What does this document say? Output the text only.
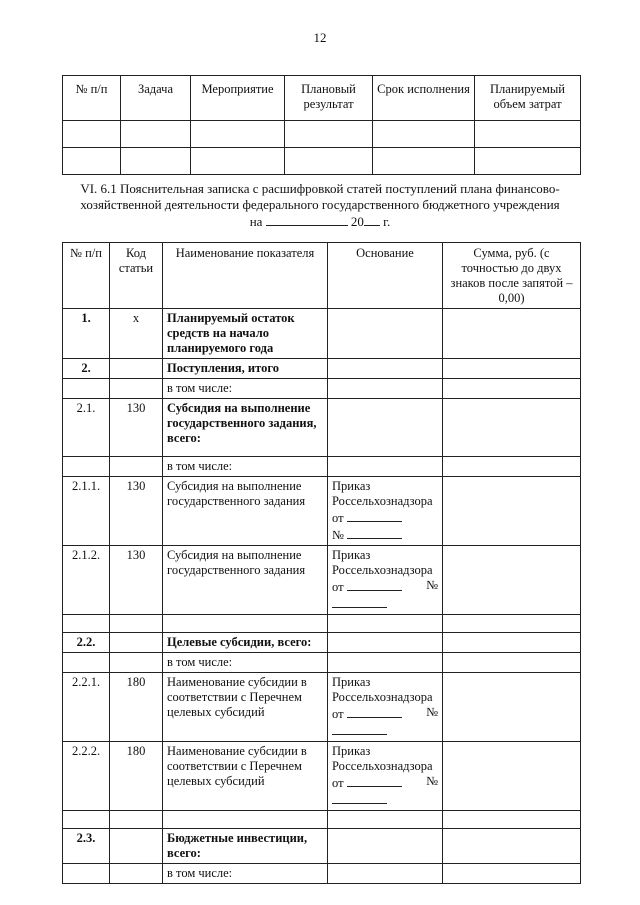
12
№ п/п	Задача	Мероприятие	Плановый результат	Срок исполнения	Планируемый объем затрат

VI. 6.1 Пояснительная записка с расшифровкой статей поступлений плана финансово-
хозяйственной деятельности федерального государственного бюджетного учреждения
на	20 г.
№ п/п	Код статьи	Наименование показателя	Основание	Сумма, руб. (с точностью до двух знаков после запятой – 0,00)
1.	х	Планируемый остаток средств на начало планируемого года		
2.		Поступления, итого		
		в том числе:		
2.1.	130	Субсидия на выполнение государственного задания, всего:		
		в том числе:		
2.1.1.	130	Субсидия на выполнение государственного задания	Приказ
Россельхознадзора
от
№	

2.1.2.	130	Субсидия на выполнение государственного задания	Приказ
Россельхознадзора
от №	

2.2.		Целевые субсидии, всего:		
		в том числе:		
2.2.1.	180	Наименование субсидии в соответствии с Перечнем целевых субсидий	Приказ
Россельхознадзора
от №	

2.2.2.	180	Наименование субсидии в соответствии с Перечнем целевых субсидий	Приказ
Россельхознадзора
от №	

2.3.		Бюджетные инвестиции, всего:		
		в том числе:		
